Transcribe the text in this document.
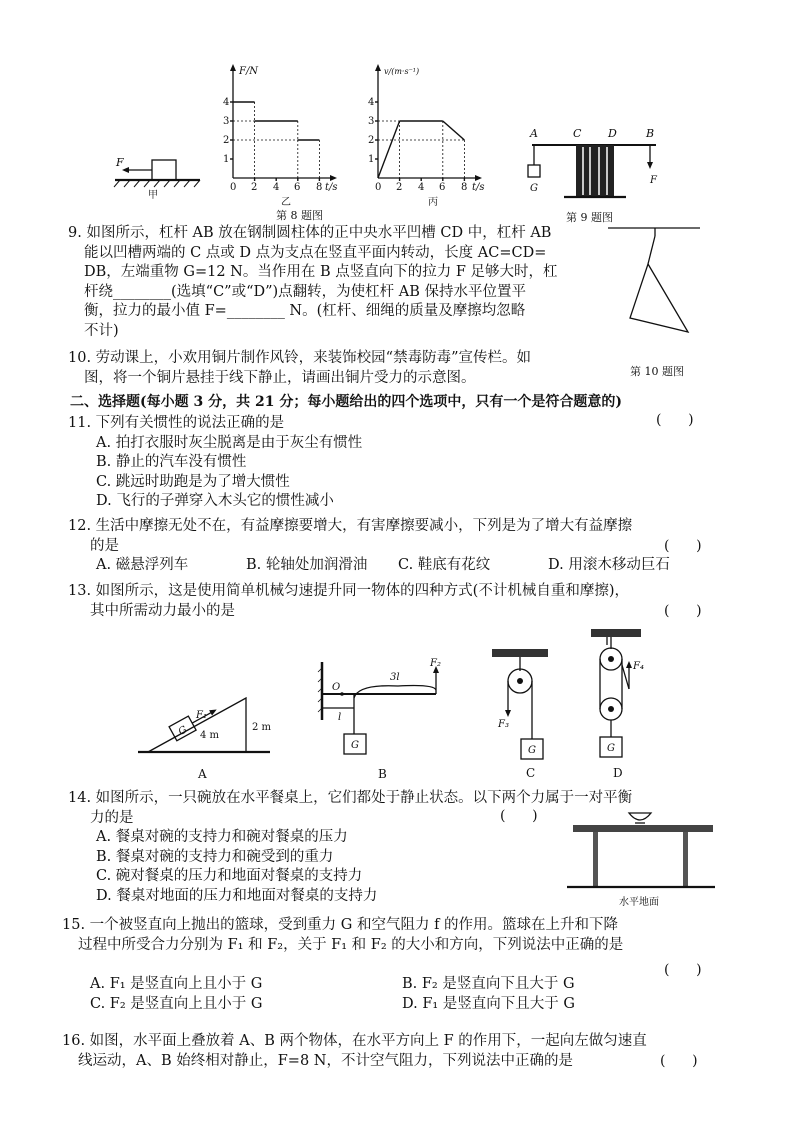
F
甲
F/N
1
2
3
4
0 2 4 6 8 t/s
乙
v/(m·s⁻¹)
1
2
3
4
0 2 4 6 8 t/s
丙
第 8 题图
A	C D	B
G
F
第 9 题图
第 10 题图

9. 如图所示，杠杆 AB 放在钢制圆柱体的正中央水平凹槽 CD 中，杠杆 AB

能以凹槽两端的 C 点或 D 点为支点在竖直平面内转动，长度 AC=CD=

DB，左端重物 G=12 N。当作用在 B 点竖直向下的拉力 F 足够大时，杠

杆绕________(选填“C”或“D”)点翻转，为使杠杆 AB 保持水平位置平

衡，拉力的最小值 F=________ N。(杠杆、细绳的质量及摩擦均忽略

不计)

10. 劳动课上，小欢用铜片制作风铃，来装饰校园“禁毒防毒”宣传栏。如

图，将一个铜片悬挂于线下静止，请画出铜片受力的示意图。

二、选择题(每小题 3 分，共 21 分；每小题给出的四个选项中，只有一个是符合题意的)

11. 下列有关惯性的说法正确的是

A. 拍打衣服时灰尘脱离是由于灰尘有惯性

B. 静止的汽车没有惯性

C. 跳远时助跑是为了增大惯性

D. 飞行的子弹穿入木头它的惯性减小

(      )

12. 生活中摩擦无处不在，有益摩擦要增大，有害摩擦要减小，下列是为了增大有益摩擦

的是

A. 磁悬浮列车	B. 轮轴处加润滑油	C. 鞋底有花纹	D. 用滚木移动巨石
(      )

13. 如图所示，这是使用简单机械匀速提升同一物体的四种方式(不计机械自重和摩擦)，

其中所需动力最小的是	(      )
G
F₁
4 m
2 m
A
O
l
3l
F₂
G
B
F₃
G
C
F₄
G
D

14. 如图所示，一只碗放在水平餐桌上，它们都处于静止状态。以下两个力属于一对平衡

力的是

A. 餐桌对碗的支持力和碗对餐桌的压力

B. 餐桌对碗的支持力和碗受到的重力

C. 碗对餐桌的压力和地面对餐桌的支持力

D. 餐桌对地面的压力和地面对餐桌的支持力

(      )
水平地面

15. 一个被竖直向上抛出的篮球，受到重力 G 和空气阻力 f 的作用。篮球在上升和下降

过程中所受合力分别为 F₁ 和 F₂，关于 F₁ 和 F₂ 的大小和方向，下列说法中正确的是

A. F₁ 是竖直向上且小于 G	B. F₂ 是竖直向下且大于 G
C. F₂ 是竖直向上且小于 G	D. F₁ 是竖直向下且大于 G
(      )

16. 如图，水平面上叠放着 A、B 两个物体，在水平方向上 F 的作用下，一起向左做匀速直

线运动，A、B 始终相对静止，F=8 N，不计空气阻力，下列说法中正确的是	(      )
